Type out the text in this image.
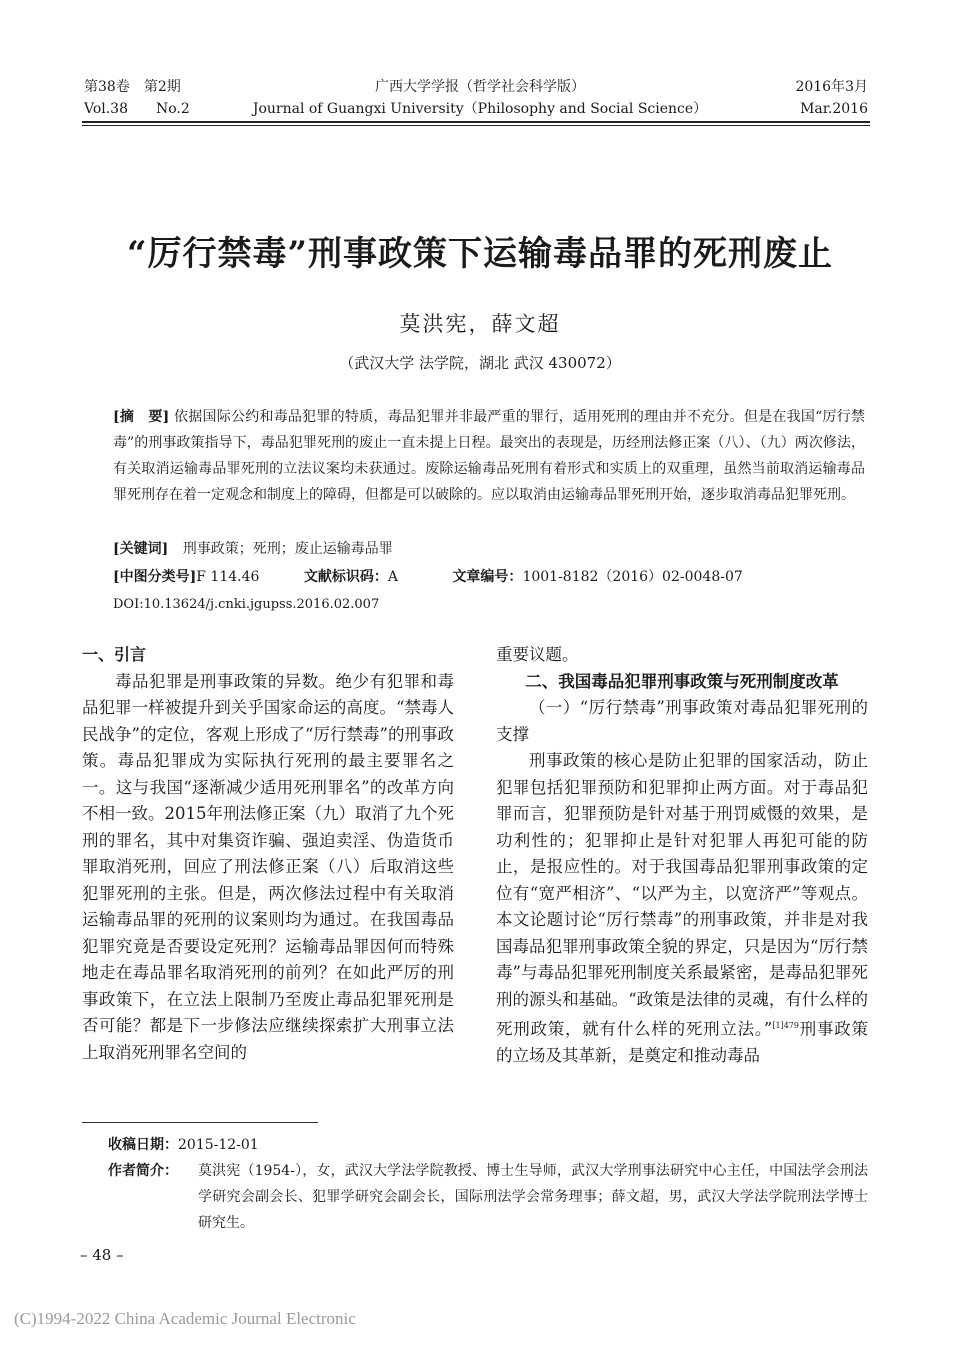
第38卷　第2期
Vol.38　　No.2
广西大学学报（哲学社会科学版）
Journal of Guangxi University（Philosophy and Social Science）
2016年3月
Mar.2016
“厉行禁毒”刑事政策下运输毒品罪的死刑废止
莫洪宪，薛文超
（武汉大学 法学院，湖北 武汉 430072）
[摘　要] 依据国际公约和毒品犯罪的特质，毒品犯罪并非最严重的罪行，适用死刑的理由并不充分。但是在我国“厉行禁毒”的刑事政策指导下，毒品犯罪死刑的废止一直未提上日程。最突出的表现是，历经刑法修正案（八）、（九）两次修法，有关取消运输毒品罪死刑的立法议案均未获通过。废除运输毒品死刑有着形式和实质上的双重理，虽然当前取消运输毒品罪死刑存在着一定观念和制度上的障碍，但都是可以破除的。应以取消由运输毒品罪死刑开始，逐步取消毒品犯罪死刑。
[关键词] 刑事政策；死刑；废止运输毒品罪
[中图分类号]F 114.46	文献标识码：A	文章编号：1001-8182（2016）02-0048-07
DOI:10.13624/j.cnki.jgupss.2016.02.007
一、引言

毒品犯罪是刑事政策的异数。绝少有犯罪和毒品犯罪一样被提升到关乎国家命运的高度。“禁毒人民战争”的定位，客观上形成了“厉行禁毒”的刑事政策。毒品犯罪成为实际执行死刑的最主要罪名之一。这与我国“逐渐减少适用死刑罪名”的改革方向不相一致。2015年刑法修正案（九）取消了九个死刑的罪名，其中对集资诈骗、强迫卖淫、伪造货币罪取消死刑，回应了刑法修正案（八）后取消这些犯罪死刑的主张。但是，两次修法过程中有关取消运输毒品罪的死刑的议案则均为通过。在我国毒品犯罪究竟是否要设定死刑？运输毒品罪因何而特殊地走在毒品罪名取消死刑的前列？在如此严厉的刑事政策下，在立法上限制乃至废止毒品犯罪死刑是否可能？都是下一步修法应继续探索扩大刑事立法上取消死刑罪名空间的

重要议题。

二、我国毒品犯罪刑事政策与死刑制度改革

（一）“厉行禁毒”刑事政策对毒品犯罪死刑的支撑

刑事政策的核心是防止犯罪的国家活动，防止犯罪包括犯罪预防和犯罪抑止两方面。对于毒品犯罪而言，犯罪预防是针对基于刑罚威慑的效果，是功利性的；犯罪抑止是针对犯罪人再犯可能的防止，是报应性的。对于我国毒品犯罪刑事政策的定位有“宽严相济”、“以严为主，以宽济严”等观点。本文论题讨论“厉行禁毒”的刑事政策，并非是对我国毒品犯罪刑事政策全貌的界定，只是因为“厉行禁毒”与毒品犯罪死刑制度关系最紧密，是毒品犯罪死刑的源头和基础。“政策是法律的灵魂，有什么样的死刑政策，就有什么样的死刑立法。”$^{[1]479}$刑事政策的立场及其革新，是奠定和推动毒品

收稿日期：2015-12-01
作者简介：	莫洪宪（1954-），女，武汉大学法学院教授、博士生导师，武汉大学刑事法研究中心主任，中国法学会刑法学研究会副会长、犯罪学研究会副会长，国际刑法学会常务理事；薛文超，男，武汉大学法学院刑法学博士研究生。
– 48 –
(C)1994-2022 China Academic Journal Electronic
